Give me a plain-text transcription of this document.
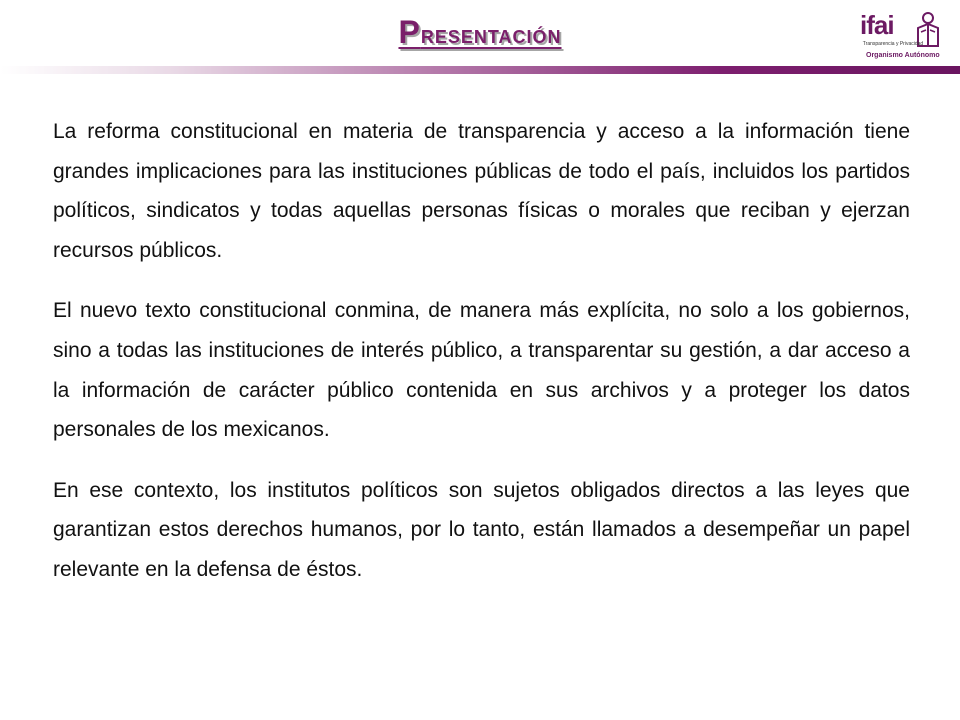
Presentación	ifai
Transparencia y Privacidad
Organismo Autónomo

La reforma constitucional en materia de transparencia y acceso a la información tiene grandes implicaciones para las instituciones públicas de todo el país, incluidos los partidos políticos, sindicatos y todas aquellas personas físicas o morales que reciban y ejerzan recursos públicos.

El nuevo texto constitucional conmina, de manera más explícita, no solo a los gobiernos, sino a todas las instituciones de interés público, a transparentar su gestión, a dar acceso a la información de carácter público contenida en sus archivos y a proteger los datos personales de los mexicanos.

En ese contexto, los institutos políticos son sujetos obligados directos a las leyes que garantizan estos derechos humanos, por lo tanto, están llamados a desempeñar un papel relevante en la defensa de éstos.
